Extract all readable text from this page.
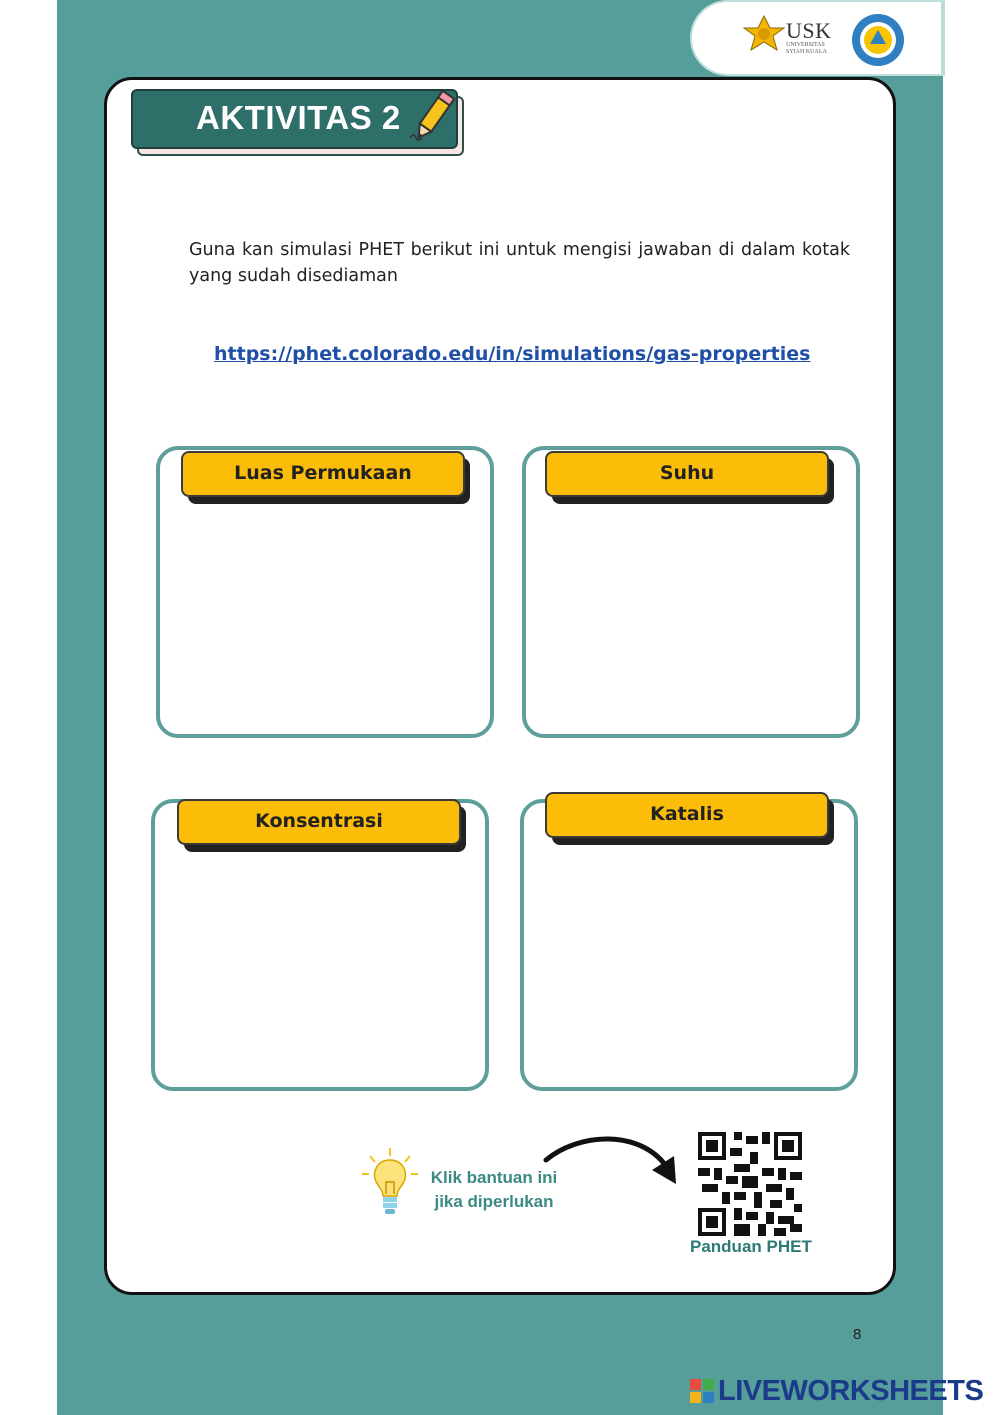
USK
UNIVERSITAS SYIAH KUALA
AKTIVITAS 2
Guna kan simulasi PHET berikut ini untuk mengisi jawaban di dalam kotak yang sudah disediaman
https://phet.colorado.edu/in/simulations/gas-properties
Luas Permukaan	Suhu
Konsentrasi	Katalis
Klik bantuan ini
jika diperlukan
Panduan PHET
8
LIVEWORKSHEETS
